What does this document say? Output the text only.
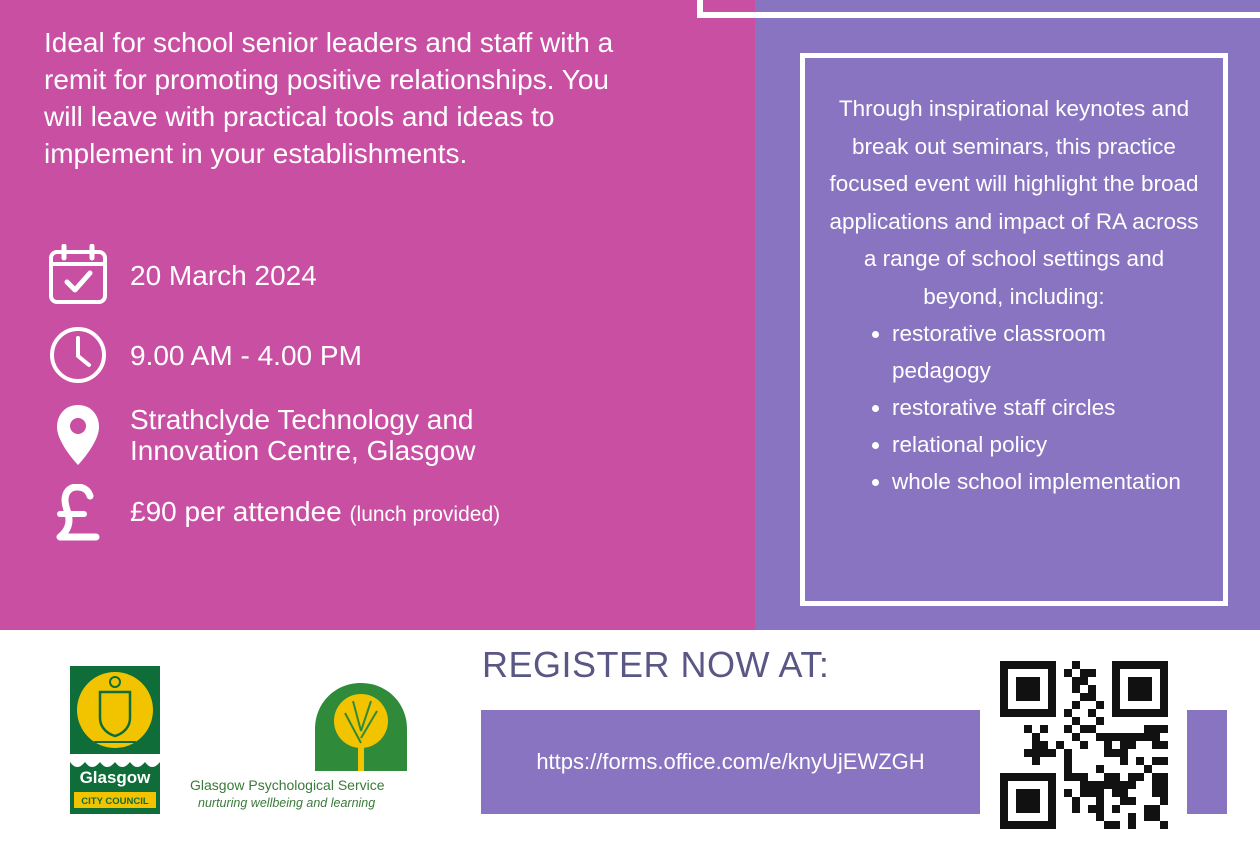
Ideal for school senior leaders and staff with a remit for promoting positive relationships. You will leave with practical tools and ideas to implement in your establishments.

20 March 2024
9.00 AM - 4.00 PM
Strathclyde Technology and
Innovation Centre, Glasgow
£90 per attendee (lunch provided)

Through inspirational keynotes and break out seminars, this practice focused event will highlight the broad applications and impact of RA across a range of school settings and beyond, including:

• restorative classroom pedagogy
• restorative staff circles
• relational policy
• whole school implementation
REGISTER NOW AT:
https://forms.office.com/e/knyUjEWZGH
Glasgow
CITY COUNCIL
Glasgow Psychological Service
nurturing wellbeing and learning
